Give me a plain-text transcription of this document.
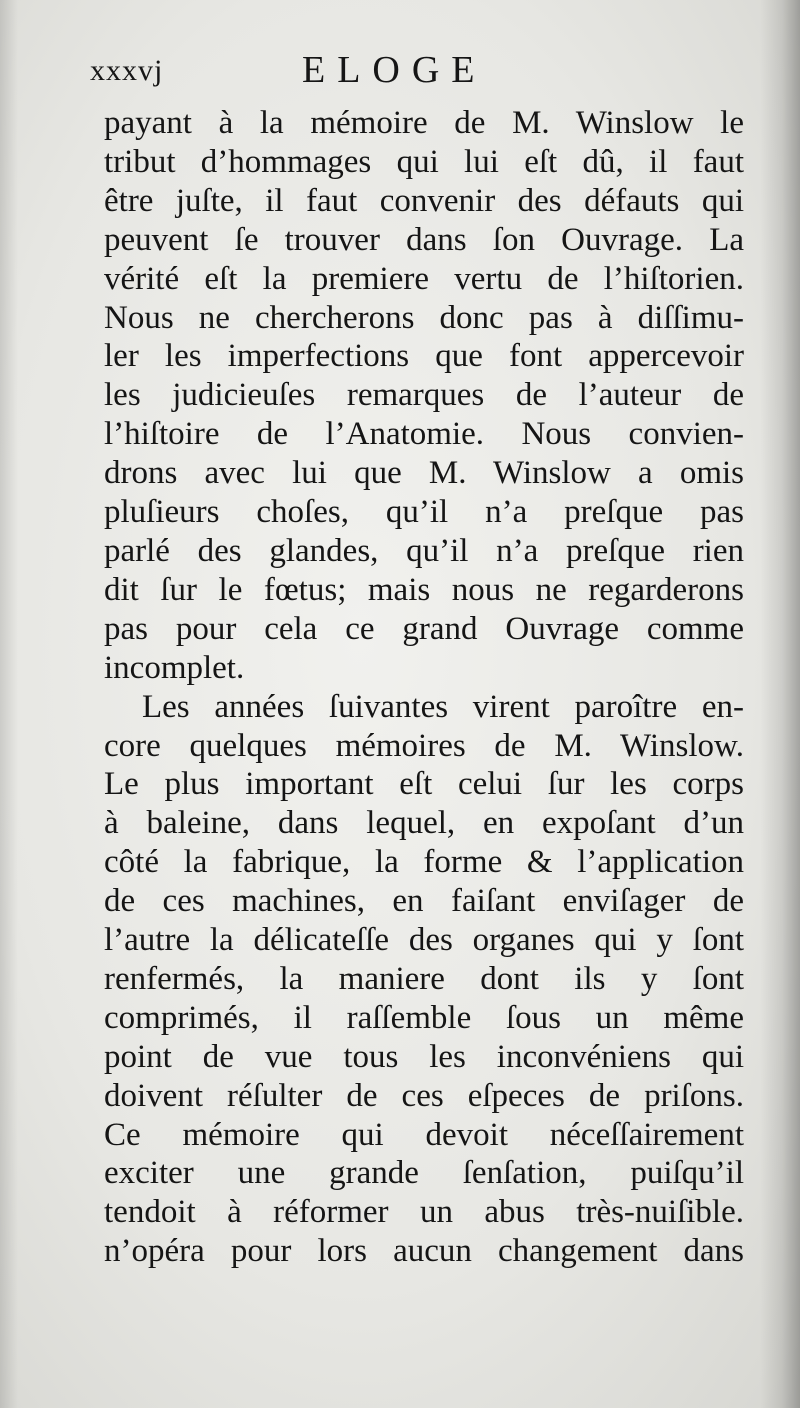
xxxvj	ELOGE
payant à la mémoire de M. Winslow le
tribut d’hommages qui lui eſt dû, il faut
être juſte, il faut convenir des défauts qui
peuvent ſe trouver dans ſon Ouvrage. La
vérité eſt la premiere vertu de l’hiſtorien.
Nous ne chercherons donc pas à diſſimu-
ler les imperfections que font appercevoir
les judicieuſes remarques de l’auteur de
l’hiſtoire de l’Anatomie. Nous convien-
drons avec lui que M. Winslow a omis
pluſieurs choſes, qu’il n’a preſque pas
parlé des glandes, qu’il n’a preſque rien
dit ſur le fœtus; mais nous ne regarderons
pas pour cela ce grand Ouvrage comme
incomplet.
Les années ſuivantes virent paroître en-
core quelques mémoires de M. Winslow.
Le plus important eſt celui ſur les corps
à baleine, dans lequel, en expoſant d’un
côté la fabrique, la forme & l’application
de ces machines, en faiſant enviſager de
l’autre la délicateſſe des organes qui y ſont
renfermés, la maniere dont ils y ſont
comprimés, il raſſemble ſous un même
point de vue tous les inconvéniens qui
doivent réſulter de ces eſpeces de priſons.
Ce mémoire qui devoit néceſſairement
exciter une grande ſenſation, puiſqu’il
tendoit à réformer un abus très-nuiſible.
n’opéra pour lors aucun changement dans
